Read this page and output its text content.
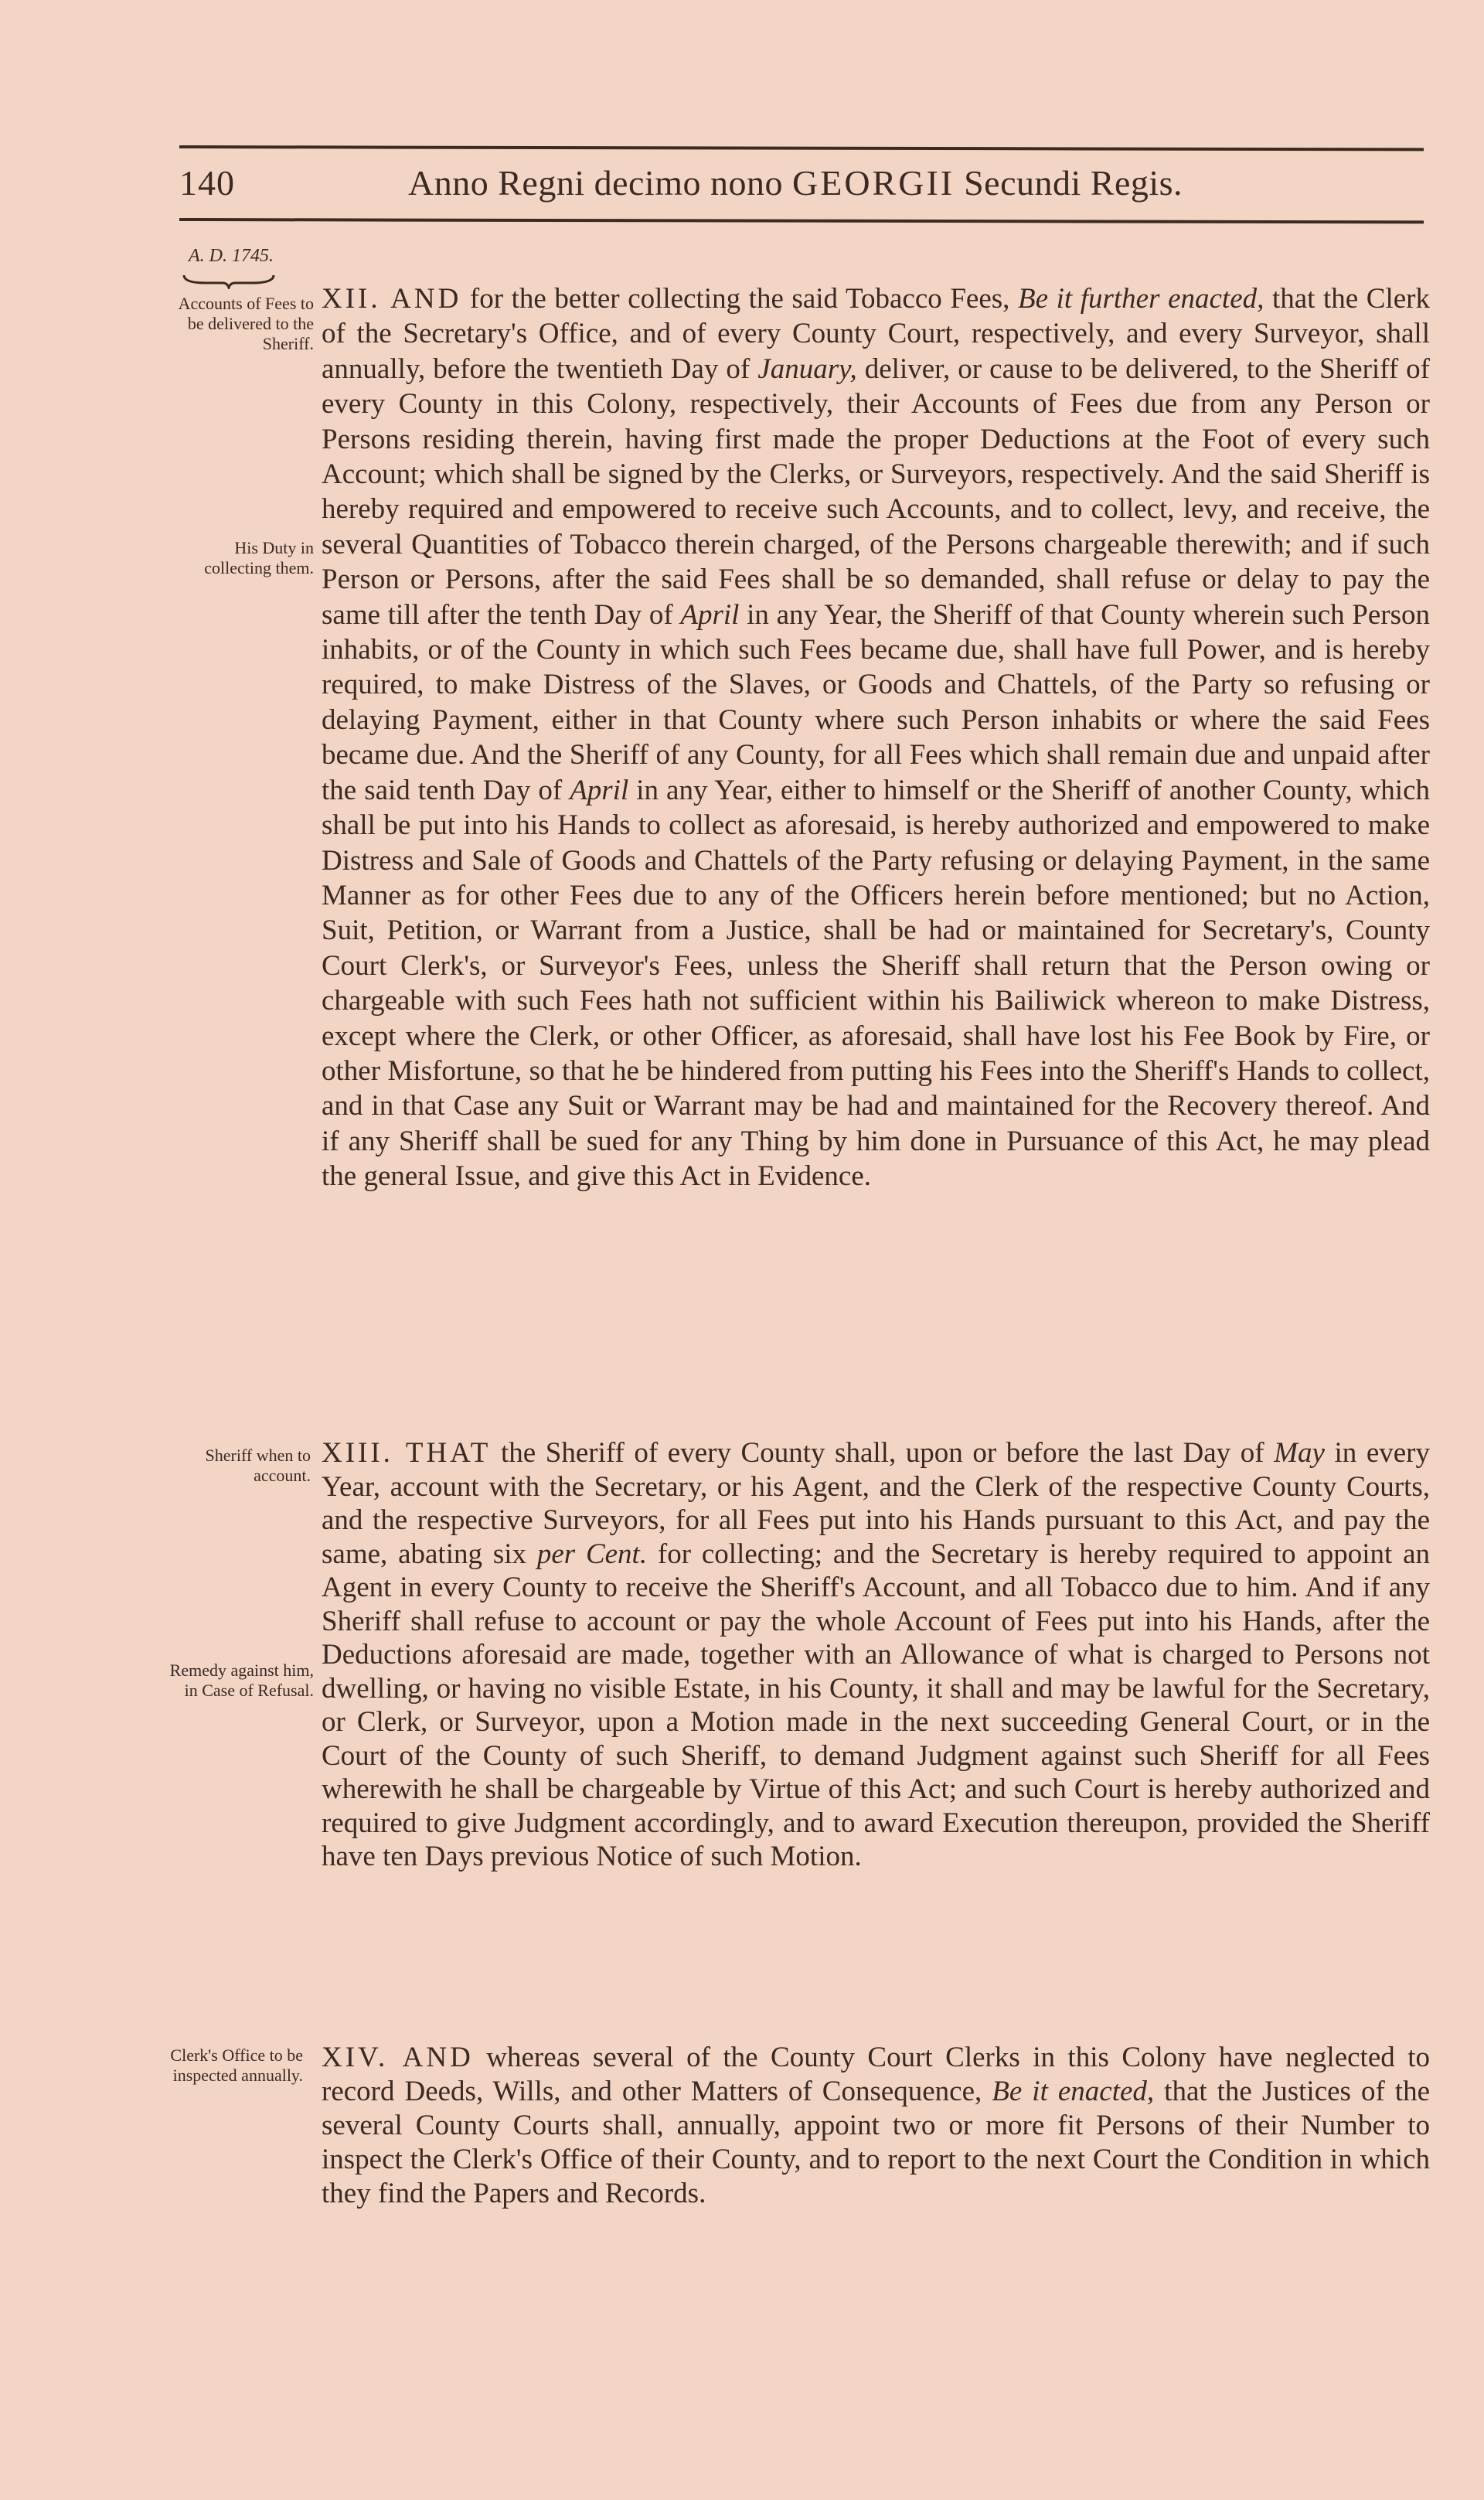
140	Anno Regni decimo nono GEORGII Secundi Regis.
A. D. 1745.
Accounts of Fees to be delivered to the Sheriff.
His Duty in collecting them.
Sheriff when to account.
Remedy against him, in Case of Refusal.
Clerk's Office to be inspected annually.

XII. AND for the better collecting the said Tobacco Fees, Be it further enacted, that the Clerk of the Secretary's Office, and of every County Court, respectively, and every Surveyor, shall annually, before the twentieth Day of January, deliver, or cause to be delivered, to the Sheriff of every County in this Colony, respectively, their Accounts of Fees due from any Person or Persons residing therein, having first made the proper Deductions at the Foot of every such Account; which shall be signed by the Clerks, or Surveyors, respectively. And the said Sheriff is hereby required and empowered to receive such Accounts, and to collect, levy, and receive, the several Quantities of Tobacco therein charged, of the Persons chargeable therewith; and if such Person or Persons, after the said Fees shall be so demanded, shall refuse or delay to pay the same till after the tenth Day of April in any Year, the Sheriff of that County wherein such Person inhabits, or of the County in which such Fees became due, shall have full Power, and is hereby required, to make Distress of the Slaves, or Goods and Chattels, of the Party so refusing or delaying Payment, either in that County where such Person inhabits or where the said Fees became due. And the Sheriff of any County, for all Fees which shall remain due and unpaid after the said tenth Day of April in any Year, either to himself or the Sheriff of another County, which shall be put into his Hands to collect as aforesaid, is hereby authorized and empowered to make Distress and Sale of Goods and Chattels of the Party refusing or delaying Payment, in the same Manner as for other Fees due to any of the Officers herein before mentioned; but no Action, Suit, Petition, or Warrant from a Justice, shall be had or maintained for Secretary's, County Court Clerk's, or Surveyor's Fees, unless the Sheriff shall return that the Person owing or chargeable with such Fees hath not sufficient within his Bailiwick whereon to make Distress, except where the Clerk, or other Officer, as aforesaid, shall have lost his Fee Book by Fire, or other Misfortune, so that he be hindered from putting his Fees into the Sheriff's Hands to collect, and in that Case any Suit or Warrant may be had and maintained for the Recovery thereof. And if any Sheriff shall be sued for any Thing by him done in Pursuance of this Act, he may plead the general Issue, and give this Act in Evidence.

XIII. THAT the Sheriff of every County shall, upon or before the last Day of May in every Year, account with the Secretary, or his Agent, and the Clerk of the respective County Courts, and the respective Surveyors, for all Fees put into his Hands pursuant to this Act, and pay the same, abating six per Cent. for collecting; and the Secretary is hereby required to appoint an Agent in every County to receive the Sheriff's Account, and all Tobacco due to him. And if any Sheriff shall refuse to account or pay the whole Account of Fees put into his Hands, after the Deductions aforesaid are made, together with an Allowance of what is charged to Persons not dwelling, or having no visible Estate, in his County, it shall and may be lawful for the Secretary, or Clerk, or Surveyor, upon a Motion made in the next succeeding General Court, or in the Court of the County of such Sheriff, to demand Judgment against such Sheriff for all Fees wherewith he shall be chargeable by Virtue of this Act; and such Court is hereby authorized and required to give Judgment accordingly, and to award Execution thereupon, provided the Sheriff have ten Days previous Notice of such Motion.

XIV. AND whereas several of the County Court Clerks in this Colony have neglected to record Deeds, Wills, and other Matters of Consequence, Be it enacted, that the Justices of the several County Courts shall, annually, appoint two or more fit Persons of their Number to inspect the Clerk's Office of their County, and to report to the next Court the Condition in which they find the Papers and Records.
